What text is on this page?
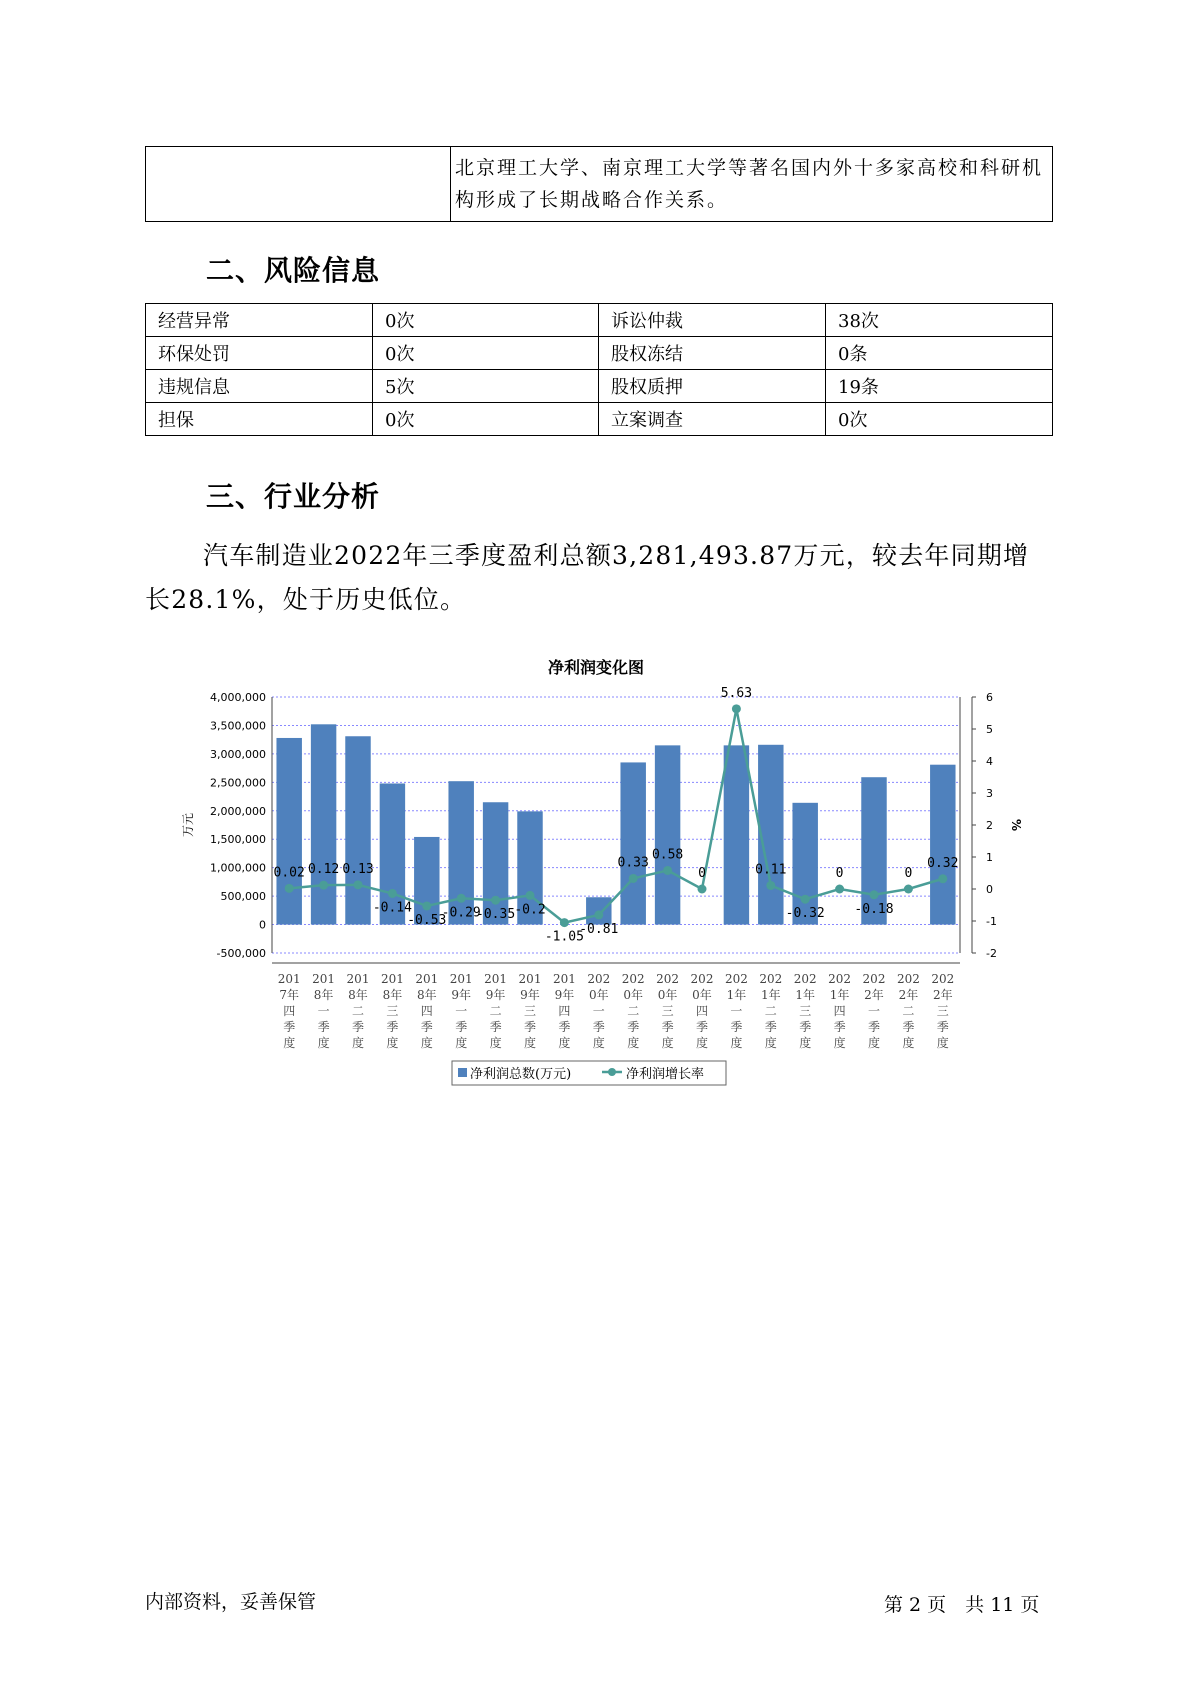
	北京理工大学、南京理工大学等著名国内外十多家高校和科研机构形成了长期战略合作关系。
二、风险信息
经营异常	0次	诉讼仲裁	38次
环保处罚	0次	股权冻结	0条
违规信息	5次	股权质押	19条
担保	0次	立案调查	0次
三、行业分析
汽车制造业2022年三季度盈利总额3,281,493.87万元，较去年同期增长28.1%，处于历史低位。
净利润变化图
4,000,000
3,500,000
3,000,000
2,500,000
2,000,000
1,500,000
1,000,000
500,000
0
-500,000
6
5
4
3
2
1
0
-1
-2
万元	%
0.02 0.12 0.13
-0.14
-0.53
-0.29
-0.35 -0.2
-1.05
-0.81
0.33
0.58
0
5.63
0.11
-0.32
0
-0.18
0
0.32
201
7年
四
季
度
201
8年
一
季
度
201
8年
二
季
度
201
8年
三
季
度
201
8年
四
季
度
201
9年
一
季
度
201
9年
二
季
度
201
9年
三
季
度
201
9年
四
季
度
202
0年
一
季
度
202
0年
二
季
度
202
0年
三
季
度
202
0年
四
季
度
202
1年
一
季
度
202
1年
二
季
度
202
1年
三
季
度
202
1年
四
季
度
202
2年
一
季
度
202
2年
二
季
度
202
2年
三
季
度
净利润总数(万元)	净利润增长率
内部资料，妥善保管	第 2 页　共 11 页
